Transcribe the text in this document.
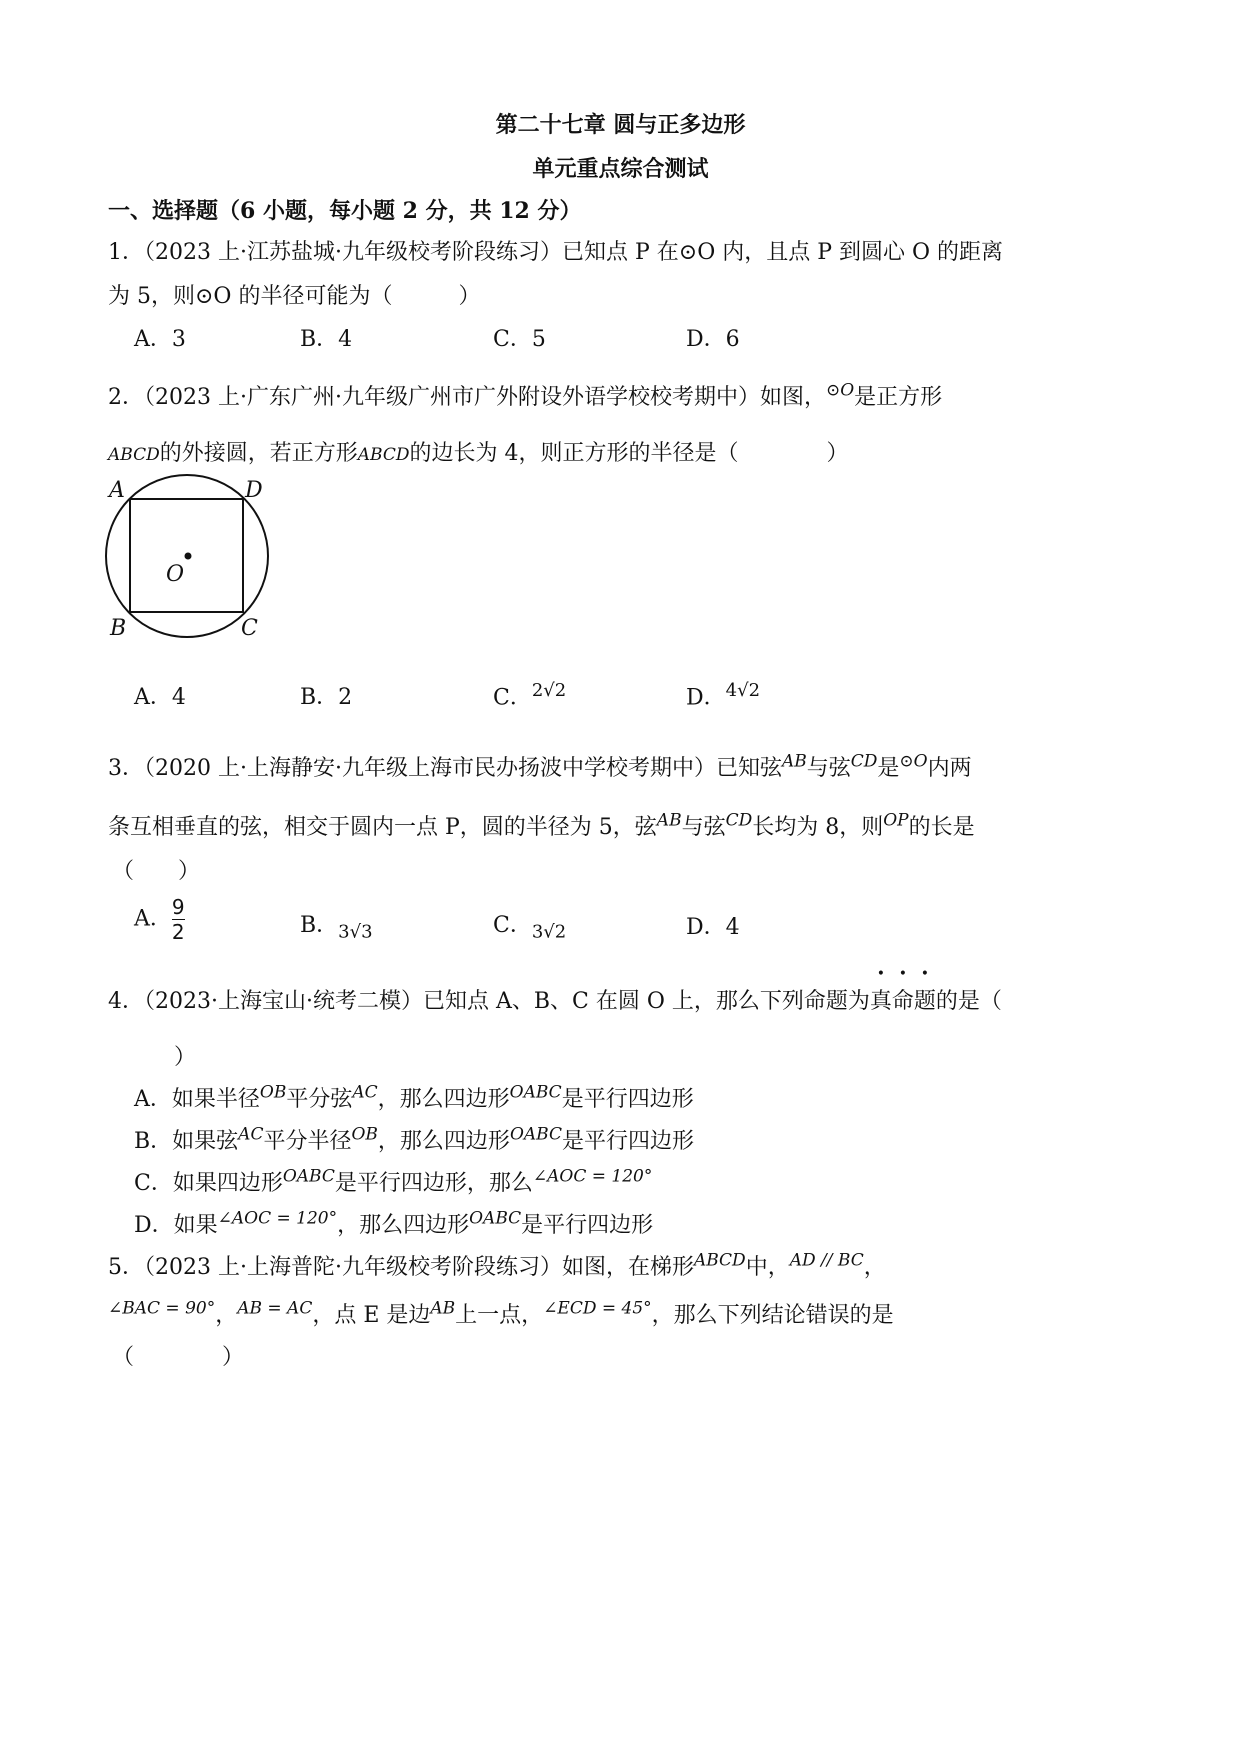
第二十七章 圆与正多边形
单元重点综合测试
一、选择题（6 小题，每小题 2 分，共 12 分）
1．（2023 上·江苏盐城·九年级校考阶段练习）已知点 P 在⊙O 内，且点 P 到圆心 O 的距离
为 5，则⊙O 的半径可能为（　　　）
A．3	B．4	C．5	D．6
2．（2023 上·广东广州·九年级广州市广外附设外语学校校考期中）如图，$^{⊙O}$是正方形
ABCD的外接圆，若正方形ABCD的边长为 4，则正方形的半径是（　　　　）
A	D
B	C
O
A．4	B．2	C．$^{2√2}$	D．$^{4√2}$
3．（2020 上·上海静安·九年级上海市民办扬波中学校考期中）已知弦$^{AB}$与弦$^{CD}$是$^{⊙O}$内两
条互相垂直的弦，相交于圆内一点 P，圆的半径为 5，弦$^{AB}$与弦$^{CD}$长均为 8，则$^{OP}$的长是
（　　）
A． $\frac{9}{2}$	B．$_{3√3}$	C．$_{3√2}$	D．4
4．（2023·上海宝山·统考二模）已知点 A、B、C 在圆 O 上，那么下列命题为真命题的是（
）
A．如果半径$^{OB}$平分弦$^{AC}$，那么四边形$^{OABC}$是平行四边形
B．如果弦$^{AC}$平分半径$^{OB}$，那么四边形$^{OABC}$是平行四边形
C．如果四边形$^{OABC}$是平行四边形，那么$^{\angle AOC = 120^\circ}$
D．如果$^{\angle AOC = 120^\circ}$，那么四边形$^{OABC}$是平行四边形
5．（2023 上·上海普陀·九年级校考阶段练习）如图，在梯形$^{ABCD}$中，$^{AD // BC}$，
$^{\angle BAC = 90^\circ}$，$^{AB = AC}$，点 E 是边$^{AB}$上一点，$^{\angle ECD = 45^\circ}$，那么下列结论错误的是
（　　　　）
